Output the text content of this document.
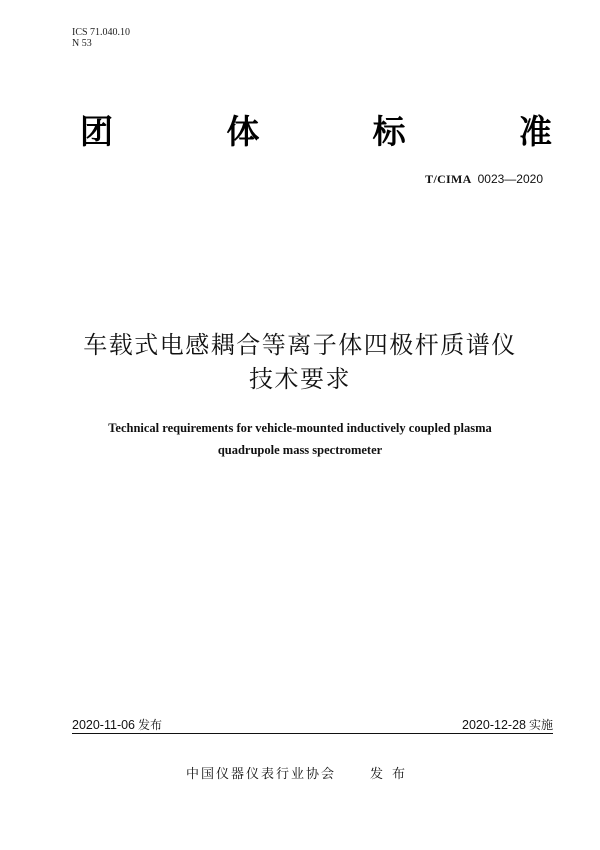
ICS 71.040.10
N 53
团	体	标	准
T/CIMA 0023—2020
车载式电感耦合等离子体四极杆质谱仪
技术要求
Technical requirements for vehicle-mounted inductively coupled plasma
quadrupole mass spectrometer
2020-11-06 发布	2020-12-28 实施
中国仪器仪表行业协会	发布
